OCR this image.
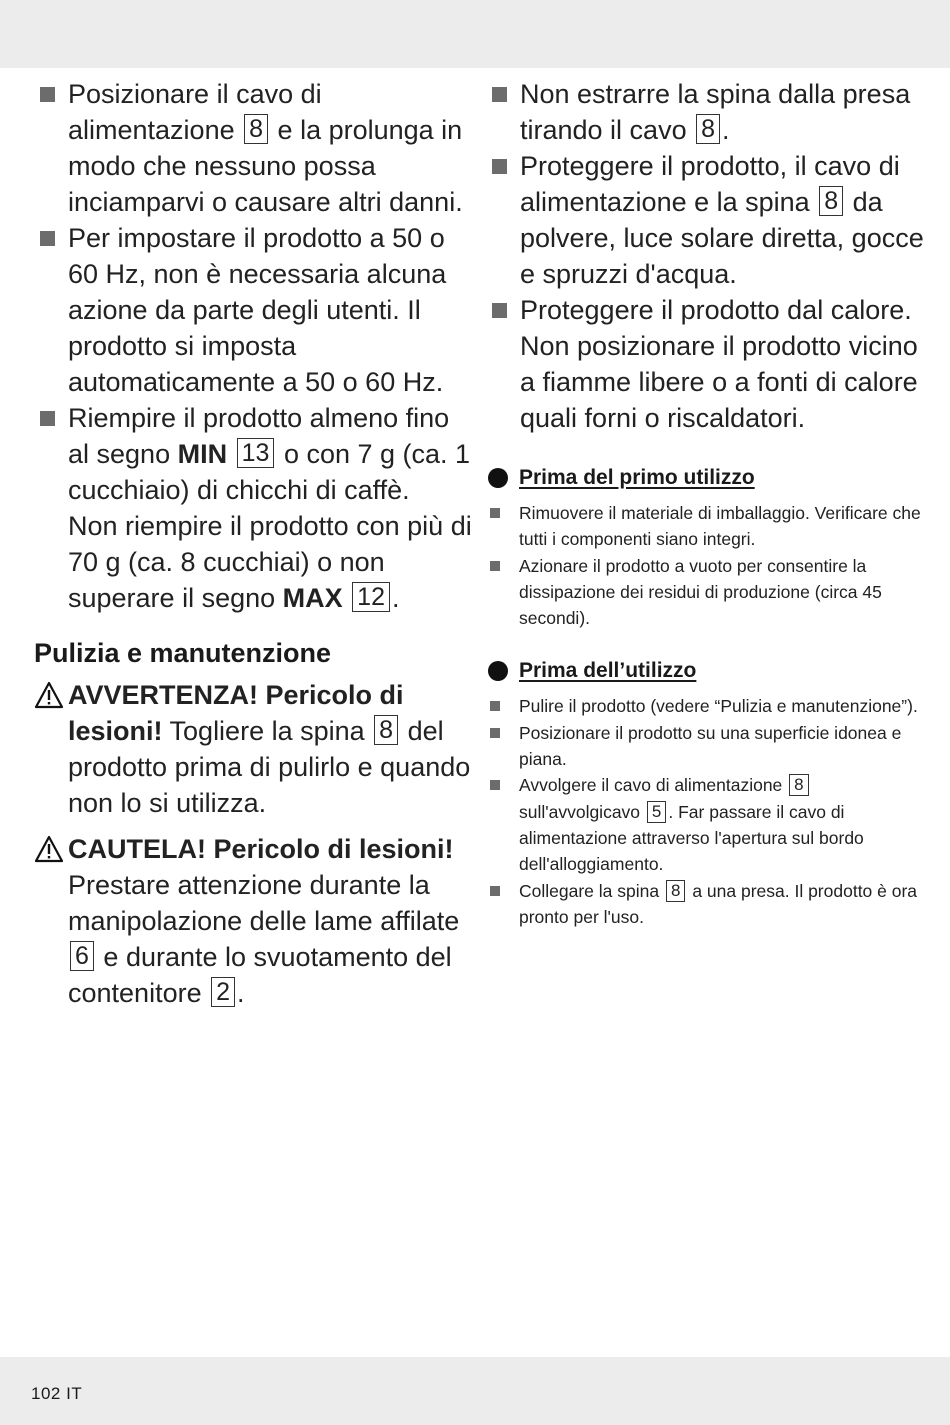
Posizionare il cavo di alimentazione 8 e la prolunga in modo che nessuno possa inciamparvi o causare altri danni.
Per impostare il prodotto a 50 o 60 Hz, non è necessaria alcuna azione da parte degli utenti. Il prodotto si imposta automaticamente a 50 o 60 Hz.
Riempire il prodotto almeno fino al segno MIN 13 o con 7 g (ca. 1 cucchiaio) di chicchi di caffè.
Non riempire il prodotto con più di 70 g (ca. 8 cucchiai) o non superare il segno MAX 12 .
Pulizia e manutenzione
AVVERTENZA! Pericolo di lesioni! Togliere la spina 8 del prodotto prima di pulirlo e quando non lo si utilizza.
CAUTELA! Pericolo di lesioni! Prestare attenzione durante la manipolazione delle lame affilate 6 e durante lo svuotamento del contenitore 2 .
Non estrarre la spina dalla presa tirando il cavo 8 .
Proteggere il prodotto, il cavo di alimentazione e la spina 8 da polvere, luce solare diretta, gocce e spruzzi d'acqua.
Proteggere il prodotto dal calore. Non posizionare il prodotto vicino a fiamme libere o a fonti di calore quali forni o riscaldatori.
Prima del primo utilizzo
Rimuovere il materiale di imballaggio. Verificare che tutti i componenti siano integri.
Azionare il prodotto a vuoto per consentire la dissipazione dei residui di produzione (circa 45 secondi).
Prima dell’utilizzo
Pulire il prodotto (vedere “Pulizia e manutenzione”).
Posizionare il prodotto su una superficie idonea e piana.
Avvolgere il cavo di alimentazione 8 sull'avvolgicavo 5 . Far passare il cavo di alimentazione attraverso l'apertura sul bordo dell'alloggiamento.
Collegare la spina 8 a una presa. Il prodotto è ora pronto per l'uso.
102 IT
